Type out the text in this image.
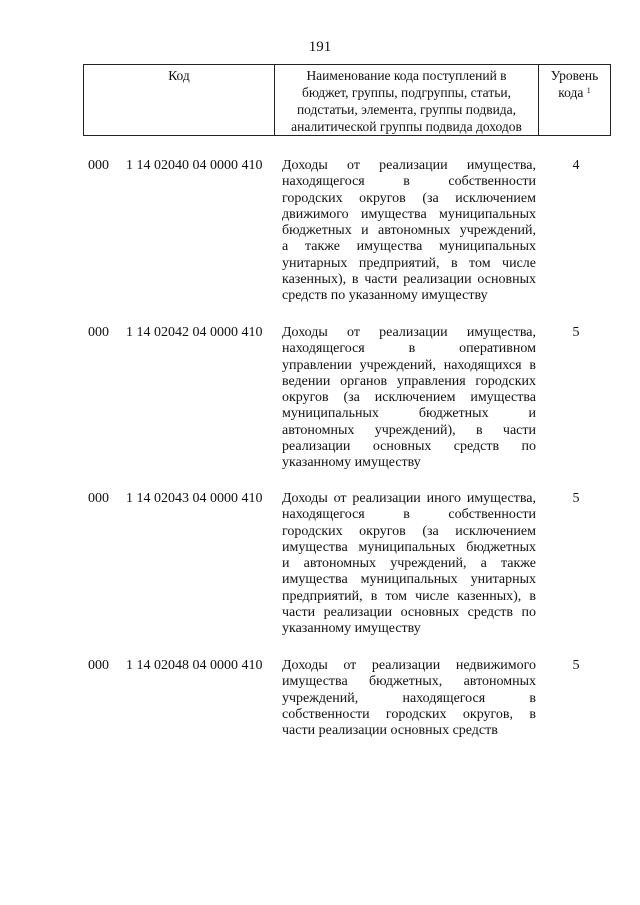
191
Код	Наименование кода поступлений в
бюджет, группы, подгруппы, статьи,
подстатьи, элемента, группы подвида,
аналитической группы подвида доходов
Уровень
кода $^1$
000 1 14 02040 04 0000 410 Доходы от реализации имущества,
находящегося в собственности
городских округов (за исключением
движимого имущества муниципальных
бюджетных и автономных учреждений,
а также имущества муниципальных
унитарных предприятий, в том числе
казенных), в части реализации основных
средств по указанному имуществу
4
000 1 14 02042 04 0000 410 Доходы от реализации имущества,
находящегося в оперативном
управлении учреждений, находящихся в
ведении органов управления городских
округов (за исключением имущества
муниципальных бюджетных и
автономных учреждений), в части
реализации основных средств по
указанному имуществу
5
000 1 14 02043 04 0000 410 Доходы от реализации иного имущества,
находящегося в собственности
городских округов (за исключением
имущества муниципальных бюджетных
и автономных учреждений, а также
имущества муниципальных унитарных
предприятий, в том числе казенных), в
части реализации основных средств по
указанному имуществу
5
000 1 14 02048 04 0000 410 Доходы от реализации недвижимого
имущества бюджетных, автономных
учреждений, находящегося в
собственности городских округов, в
части реализации основных средств
5
